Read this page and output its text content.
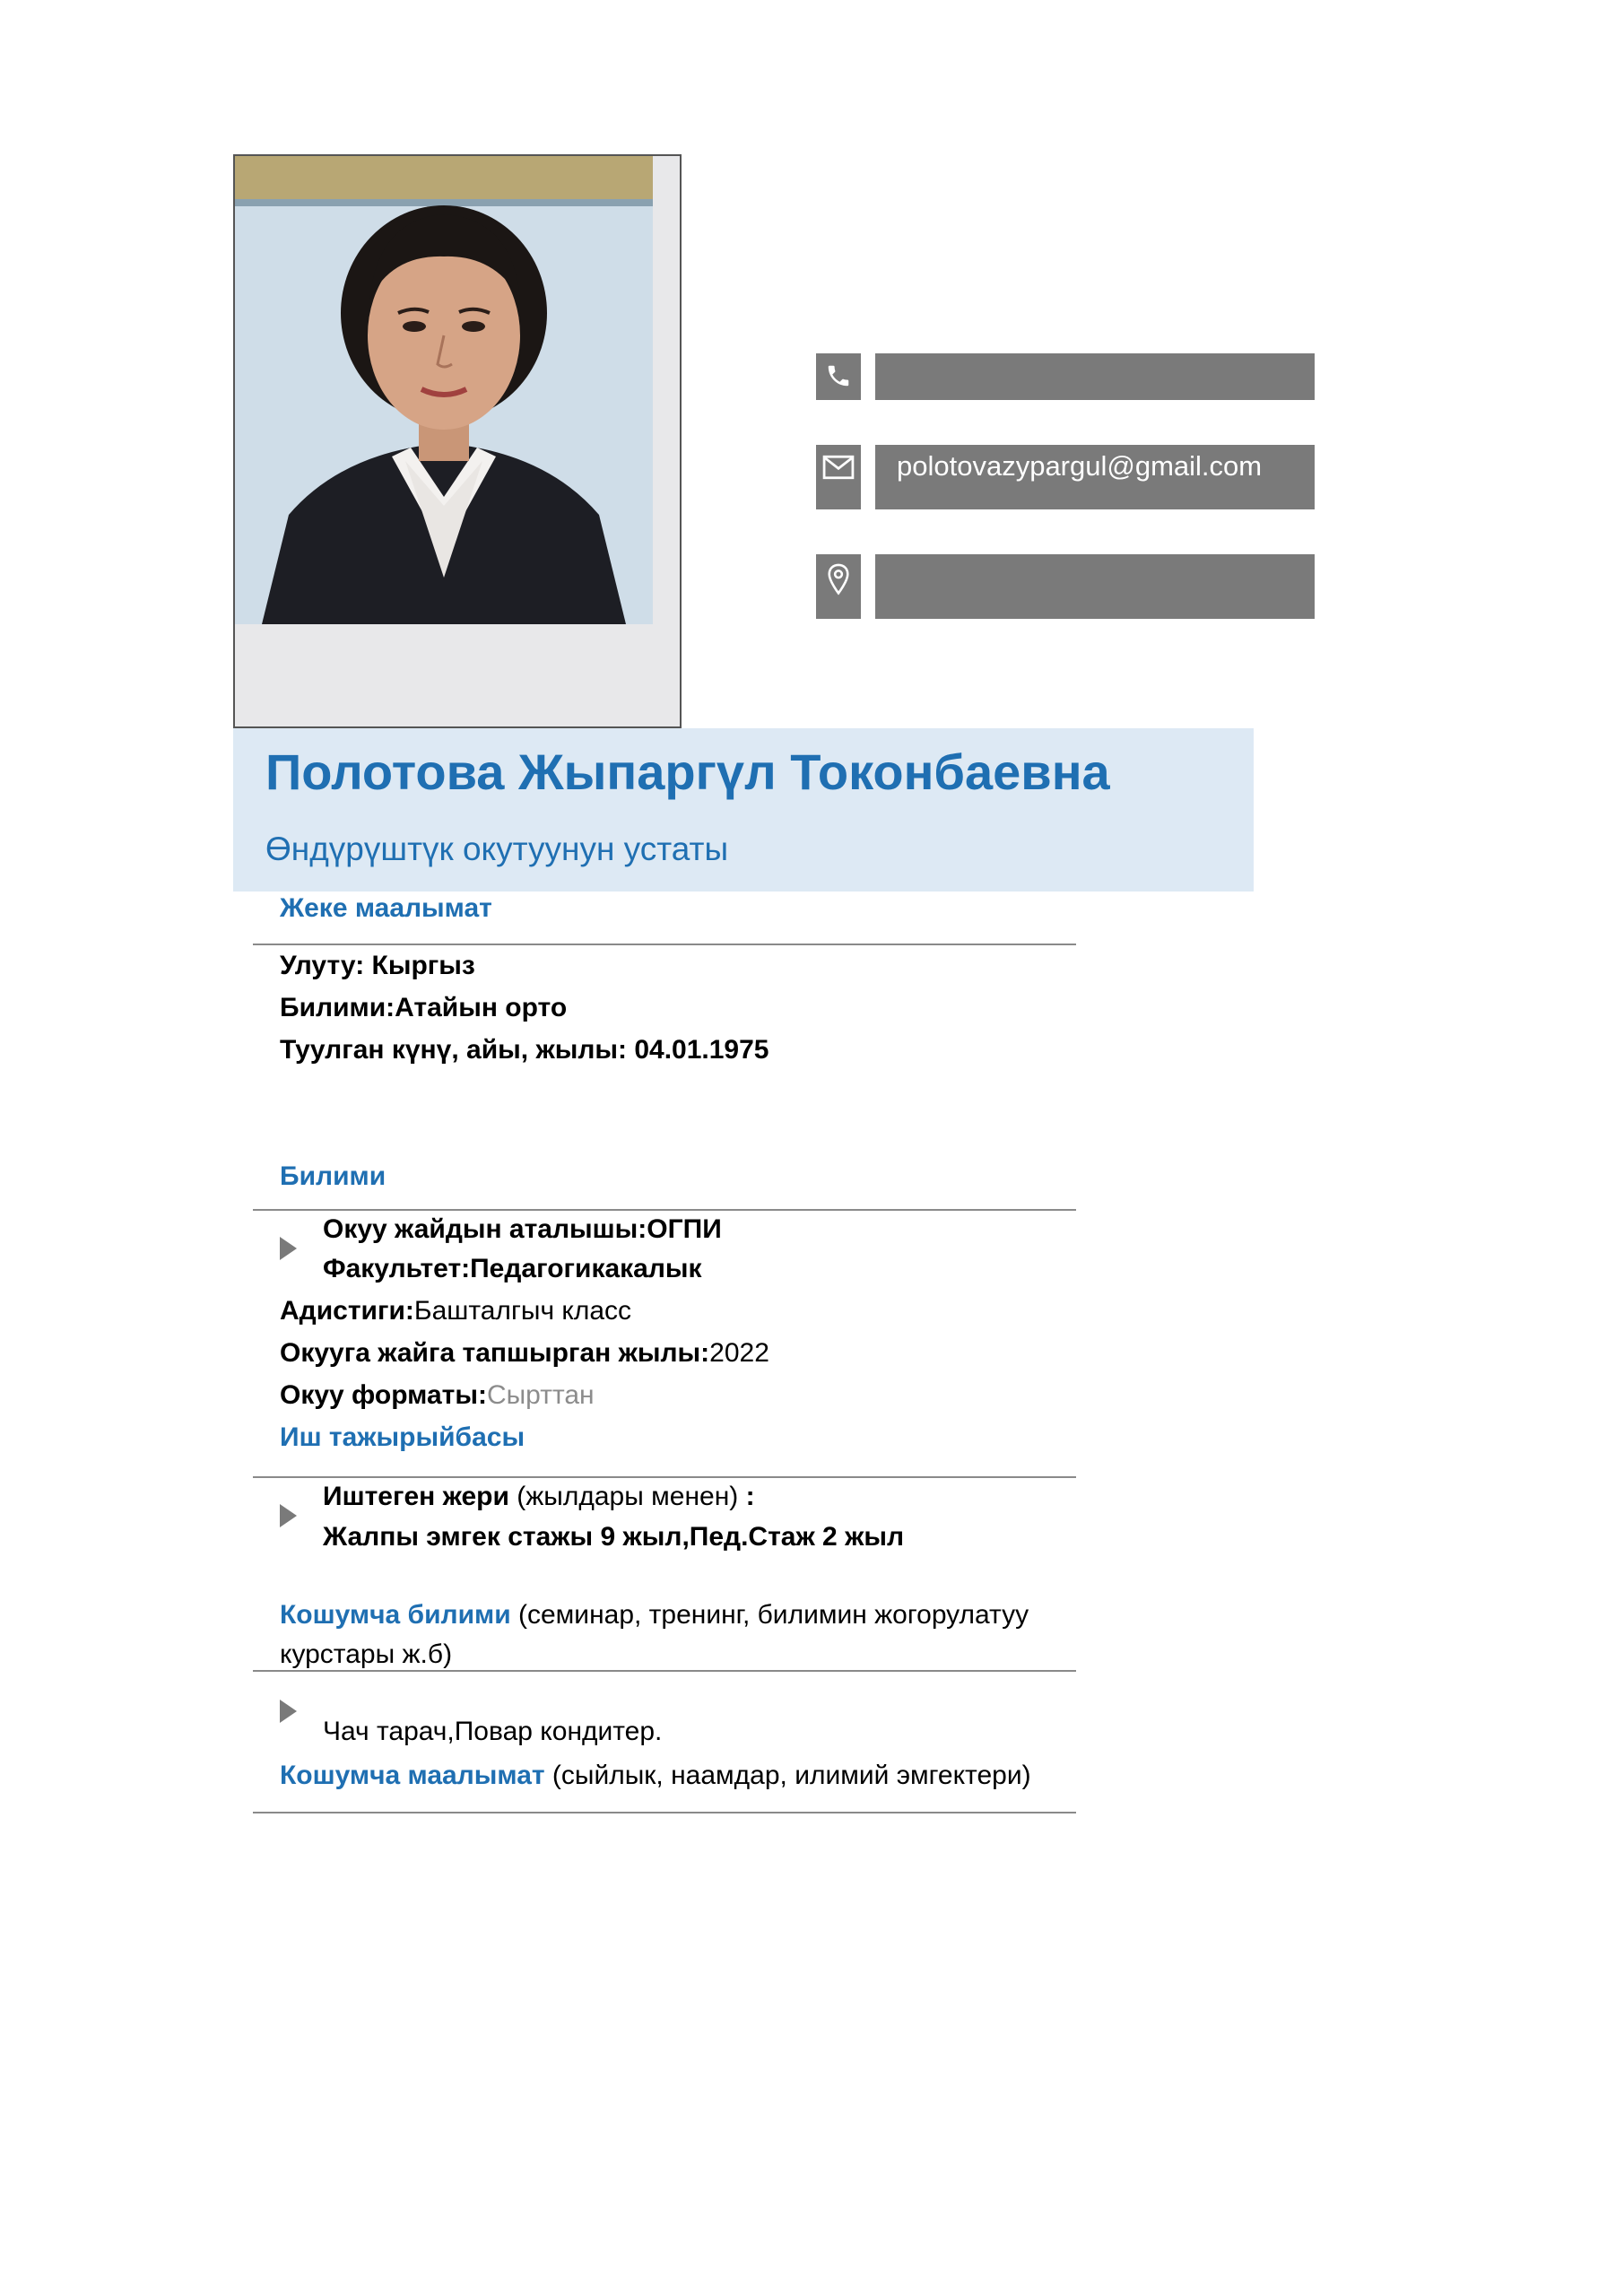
polotovazypargul@gmail.com
Полотова Жыпаргүл Токонбаевна
Өндүрүштүк окутуунун устаты
Жеке маалымат
Улуту: Кыргыз
Билими:Атайын орто
Туулган күнү, айы, жылы: 04.01.1975
Билими
Окуу жайдын аталышы:ОГПИ
Факультет:Педагогикакалык
Адистиги:Башталгыч класс
Окууга жайга тапшырган жылы:2022
Окуу форматы:Сырттан
Иш тажырыйбасы
Иштеген жери (жылдары менен) :
Жалпы эмгек стажы 9 жыл,Пед.Стаж 2 жыл
Кошумча билими (семинар, тренинг, билимин жогорулатуу
курстары ж.б)
Чач тарач,Повар кондитер.
Кошумча маалымат (сыйлык, наамдар, илимий эмгектери)
